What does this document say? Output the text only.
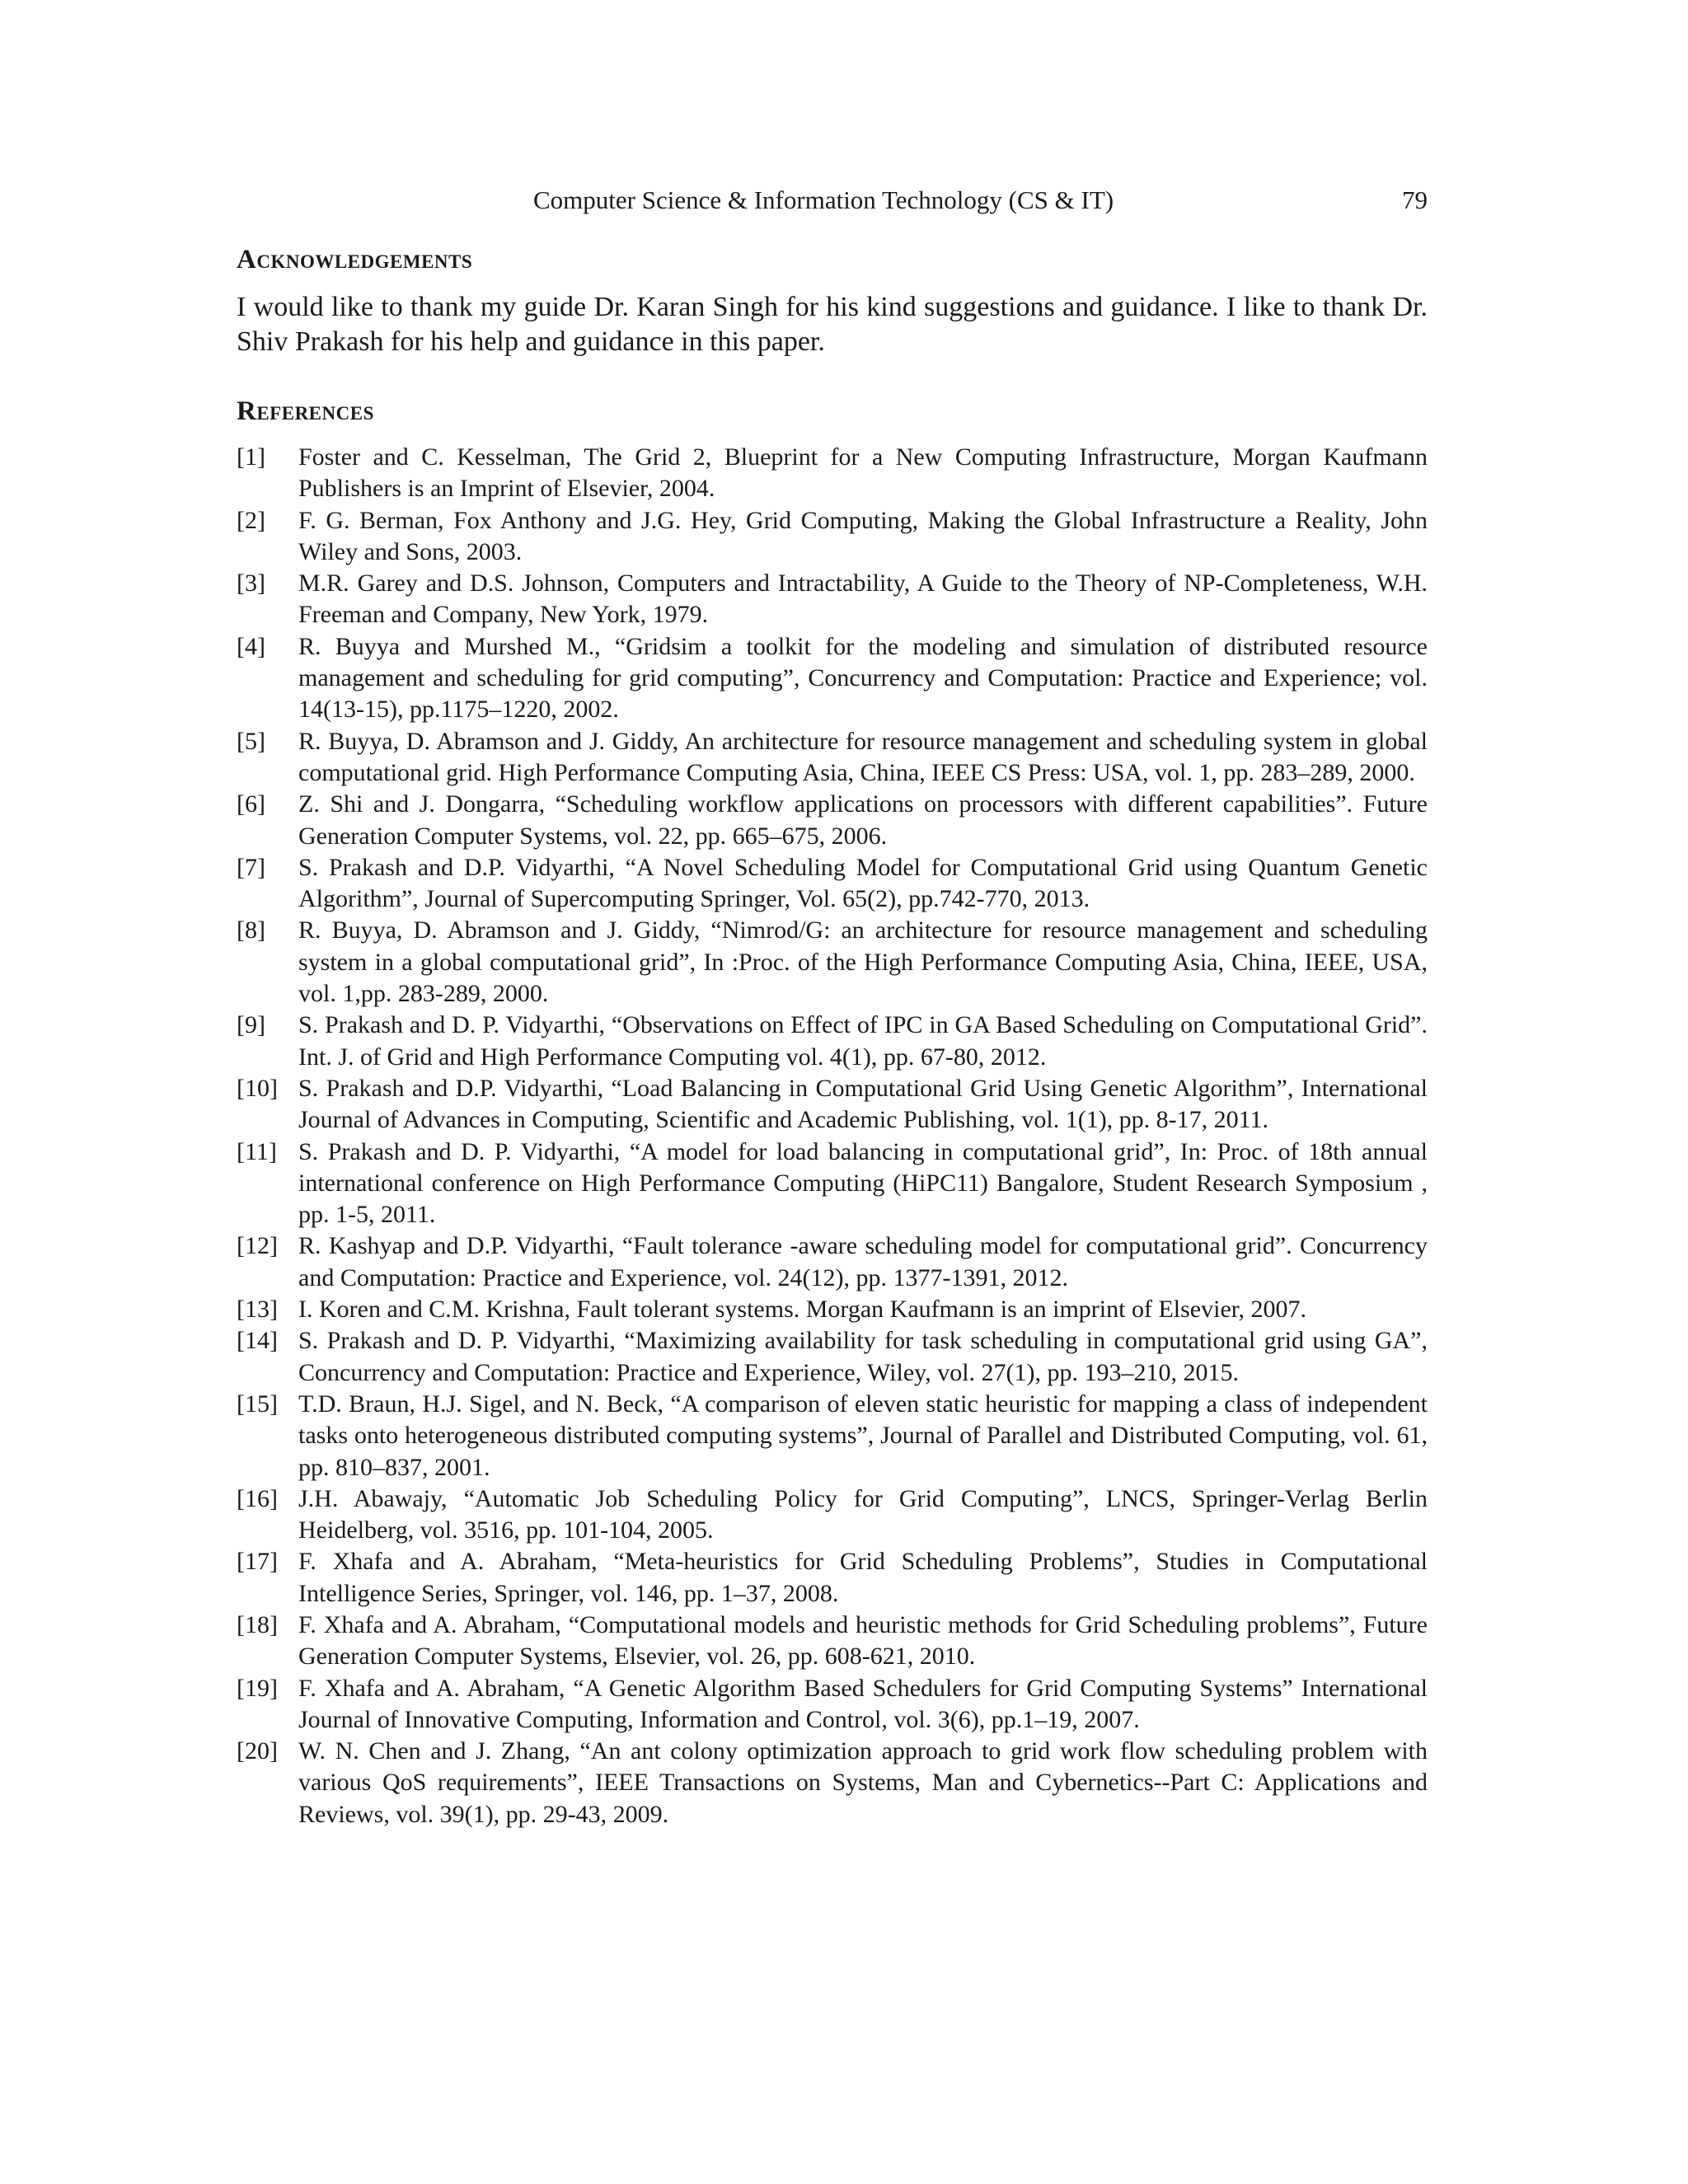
Computer Science & Information Technology (CS & IT)	79
Acknowledgements

I would like to thank my guide Dr. Karan Singh for his kind suggestions and guidance. I like to thank Dr. Shiv Prakash for his help and guidance in this paper.

References
[1]	Foster and C. Kesselman, The Grid 2, Blueprint for a New Computing Infrastructure, Morgan Kaufmann Publishers is an Imprint of Elsevier, 2004.
[2]	F. G. Berman, Fox Anthony and J.G. Hey, Grid Computing, Making the Global Infrastructure a Reality, John Wiley and Sons, 2003.
[3]	M.R. Garey and D.S. Johnson, Computers and Intractability, A Guide to the Theory of NP-Completeness, W.H. Freeman and Company, New York, 1979.
[4]	R. Buyya and Murshed M., “Gridsim a toolkit for the modeling and simulation of distributed resource management and scheduling for grid computing”, Concurrency and Computation: Practice and Experience; vol. 14(13-15), pp.1175–1220, 2002.
[5]	R. Buyya, D. Abramson and J. Giddy, An architecture for resource management and scheduling system in global computational grid. High Performance Computing Asia, China, IEEE CS Press: USA, vol. 1, pp. 283–289, 2000.
[6]	Z. Shi and J. Dongarra, “Scheduling workflow applications on processors with different capabilities”. Future Generation Computer Systems, vol. 22, pp. 665–675, 2006.
[7]	S. Prakash and D.P. Vidyarthi, “A Novel Scheduling Model for Computational Grid using Quantum Genetic Algorithm”, Journal of Supercomputing Springer, Vol. 65(2), pp.742-770, 2013.
[8]	R. Buyya, D. Abramson and J. Giddy, “Nimrod/G: an architecture for resource management and scheduling system in a global computational grid”, In :Proc. of the High Performance Computing Asia, China, IEEE, USA, vol. 1,pp. 283-289, 2000.
[9]	S. Prakash and D. P. Vidyarthi, “Observations on Effect of IPC in GA Based Scheduling on Computational Grid”. Int. J. of Grid and High Performance Computing vol. 4(1), pp. 67-80, 2012.
[10] S. Prakash and D.P. Vidyarthi, “Load Balancing in Computational Grid Using Genetic Algorithm”, International Journal of Advances in Computing, Scientific and Academic Publishing, vol. 1(1), pp. 8-17, 2011.
[11] S. Prakash and D. P. Vidyarthi, “A model for load balancing in computational grid”, In: Proc. of 18th annual international conference on High Performance Computing (HiPC11) Bangalore, Student Research Symposium , pp. 1-5, 2011.
[12] R. Kashyap and D.P. Vidyarthi, “Fault tolerance -aware scheduling model for computational grid”. Concurrency and Computation: Practice and Experience, vol. 24(12), pp. 1377-1391, 2012.
[13] I. Koren and C.M. Krishna, Fault tolerant systems. Morgan Kaufmann is an imprint of Elsevier, 2007.
[14] S. Prakash and D. P. Vidyarthi, “Maximizing availability for task scheduling in computational grid using GA”, Concurrency and Computation: Practice and Experience, Wiley, vol. 27(1), pp. 193–210, 2015.
[15] T.D. Braun, H.J. Sigel, and N. Beck, “A comparison of eleven static heuristic for mapping a class of independent tasks onto heterogeneous distributed computing systems”, Journal of Parallel and Distributed Computing, vol. 61, pp. 810–837, 2001.
[16] J.H. Abawajy, “Automatic Job Scheduling Policy for Grid Computing”, LNCS, Springer-Verlag Berlin Heidelberg, vol. 3516, pp. 101-104, 2005.
[17] F. Xhafa and A. Abraham, “Meta-heuristics for Grid Scheduling Problems”, Studies in Computational Intelligence Series, Springer, vol. 146, pp. 1–37, 2008.
[18] F. Xhafa and A. Abraham, “Computational models and heuristic methods for Grid Scheduling problems”, Future Generation Computer Systems, Elsevier, vol. 26, pp. 608-621, 2010.
[19] F. Xhafa and A. Abraham, “A Genetic Algorithm Based Schedulers for Grid Computing Systems” International Journal of Innovative Computing, Information and Control, vol. 3(6), pp.1–19, 2007.
[20] W. N. Chen and J. Zhang, “An ant colony optimization approach to grid work flow scheduling problem with various QoS requirements”, IEEE Transactions on Systems, Man and Cybernetics--Part C: Applications and Reviews, vol. 39(1), pp. 29-43, 2009.
